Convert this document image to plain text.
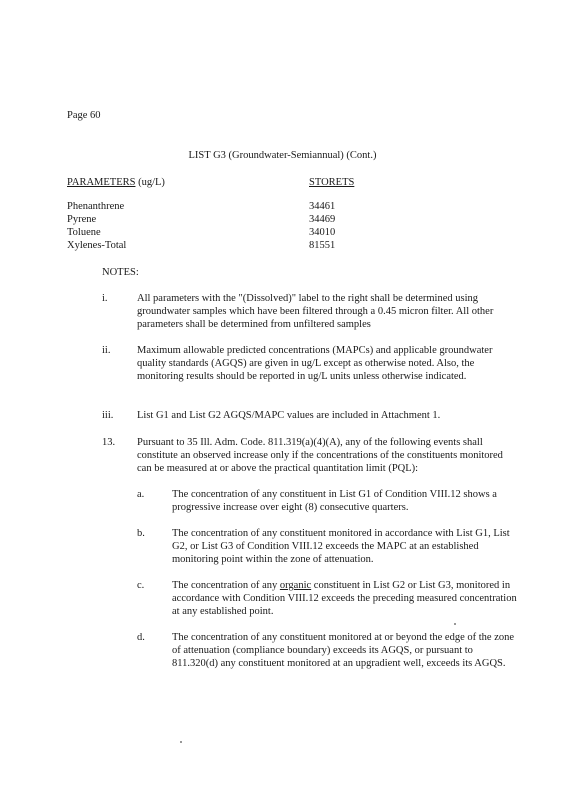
Page 60
LIST G3 (Groundwater-Semiannual) (Cont.)
PARAMETERS (ug/L)	STORETS
Phenanthrene	34461
Pyrene	34469
Toluene	34010
Xylenes-Total	81551
NOTES:
i.	All parameters with the "(Dissolved)" label to the right shall be determined using groundwater samples which have been filtered through a 0.45 micron filter. All other parameters shall be determined from unfiltered samples
ii.	Maximum allowable predicted concentrations (MAPCs) and applicable groundwater quality standards (AGQS) are given in ug/L except as otherwise noted. Also, the monitoring results should be reported in ug/L units unless otherwise indicated.
iii. List G1 and List G2 AGQS/MAPC values are included in Attachment 1.
13. Pursuant to 35 Ill. Adm. Code. 811.319(a)(4)(A), any of the following events shall constitute an observed increase only if the concentrations of the constituents monitored can be measured at or above the practical quantitation limit (PQL):
a.	The concentration of any constituent in List G1 of Condition VIII.12 shows a progressive increase over eight (8) consecutive quarters.
b.	The concentration of any constituent monitored in accordance with List G1, List G2, or List G3 of Condition VIII.12 exceeds the MAPC at an established monitoring point within the zone of attenuation.
c.	The concentration of any organic constituent in List G2 or List G3, monitored in accordance with Condition VIII.12 exceeds the preceding measured concentration at any established point.
d.	The concentration of any constituent monitored at or beyond the edge of the zone of attenuation (compliance boundary) exceeds its AGQS, or pursuant to 811.320(d) any constituent monitored at an upgradient well, exceeds its AGQS.
